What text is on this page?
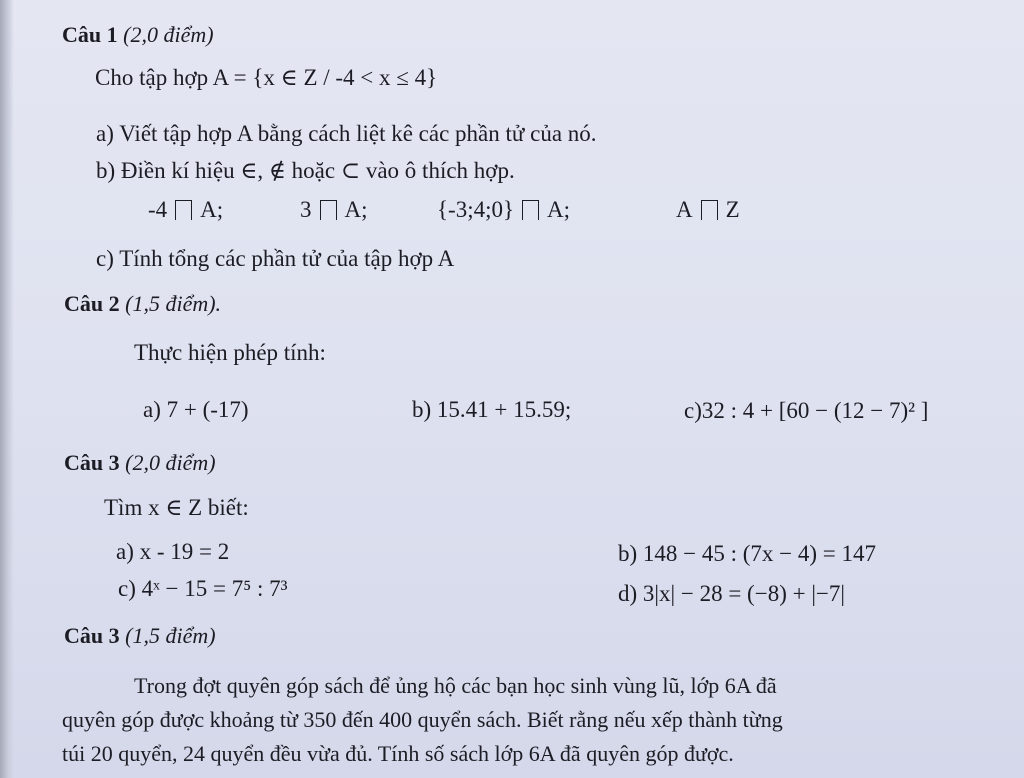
Câu 1 (2,0 điểm)
Cho tập hợp A = {x ∈ Z / -4 < x ≤ 4}
a) Viết tập hợp A bằng cách liệt kê các phần tử của nó.
b) Điền kí hiệu ∈, ∉ hoặc ⊂ vào ô thích hợp.
-4 A;	3 A;	{-3;4;0} A;	A Z
c) Tính tổng các phần tử của tập hợp A
Câu 2 (1,5 điểm).
Thực hiện phép tính:
a) 7 + (-17)	b) 15.41 + 15.59;	c)32 : 4 + [60 − (12 − 7)² ]
Câu 3 (2,0 điểm)
Tìm x ∈ Z biết:
a) x - 19 = 2	b) 148 − 45 : (7x − 4) = 147
c) 4ˣ − 15 = 7⁵ : 7³	d) 3|x| − 28 = (−8) + |−7|
Câu 3 (1,5 điểm)
Trong đợt quyên góp sách để ủng hộ các bạn học sinh vùng lũ, lớp 6A đã
quyên góp được khoảng từ 350 đến 400 quyển sách. Biết rằng nếu xếp thành từng
túi 20 quyển, 24 quyển đều vừa đủ. Tính số sách lớp 6A đã quyên góp được.
